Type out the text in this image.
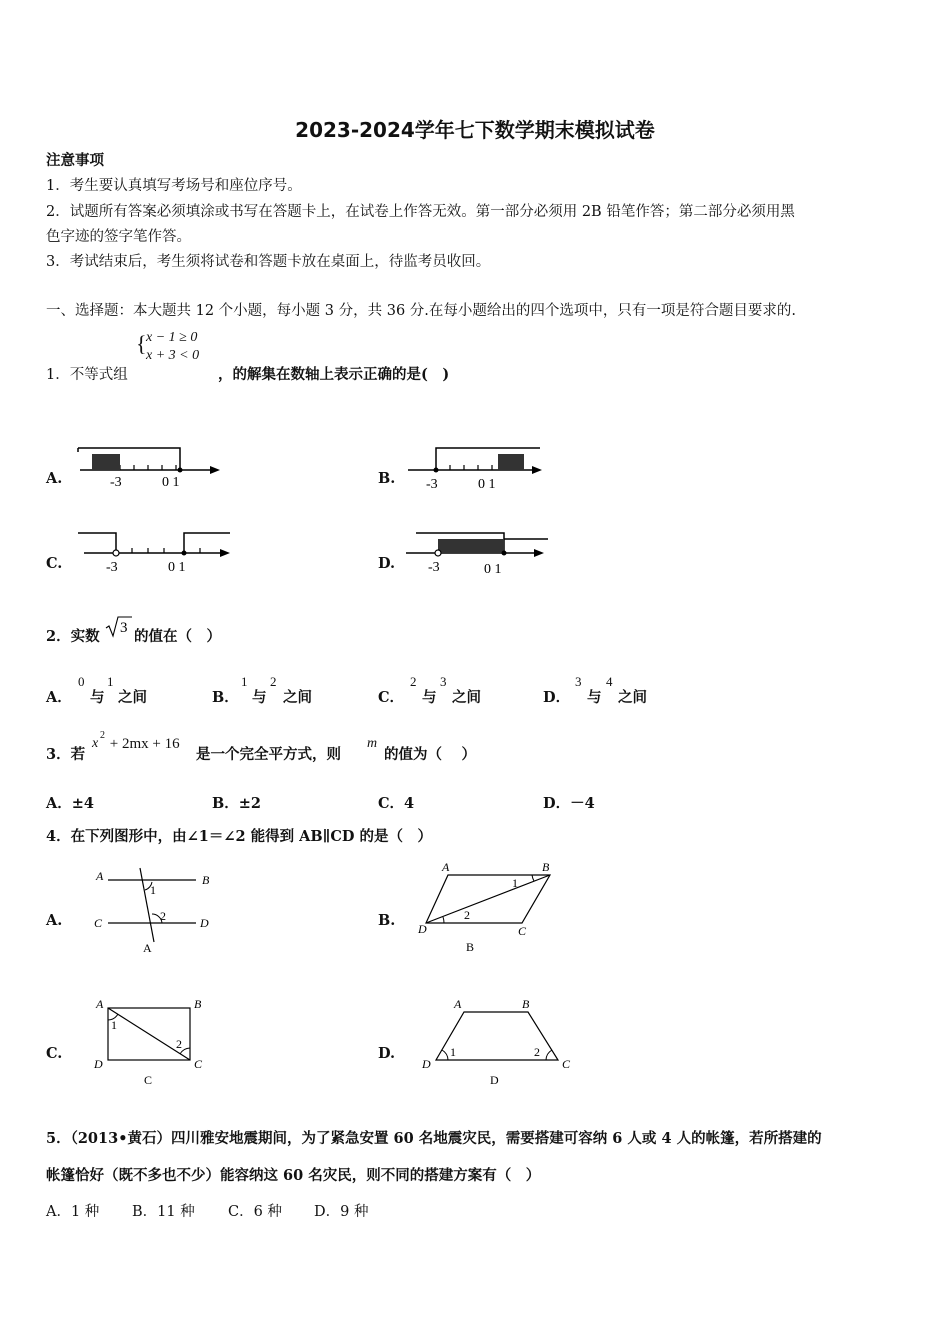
2023-2024学年七下数学期末模拟试卷
注意事项
1．考生要认真填写考场号和座位序号。
2．试题所有答案必须填涂或书写在答题卡上，在试卷上作答无效。第一部分必须用 2B 铅笔作答；第二部分必须用黑
色字迹的签字笔作答。
3．考试结束后，考生须将试卷和答题卡放在桌面上，待监考员收回。
一、选择题：本大题共 12 个小题，每小题 3 分，共 36 分.在每小题给出的四个选项中，只有一项是符合题目要求的.
1．不等式组
{ x − 1 ≥ 0
x + 3 < 0
，的解集在数轴上表示正确的是(　)
A.	B.
C.	D.
-3	0 1	-3	0 1
-3	0 1	-3	0 1
2．实数 3 的值在（　）
A．
0
与
1
之间	B．
1
与
2
之间	C．
2
与
3
之间	D．
3
与
4
之间
3．若
x
2
+ 2mx + 16
是一个完全平方式，则
m
的值为（　 ）
A．±4	B．±2	C．4	D．－4
4．在下列图形中，由∠1＝∠2 能得到 AB∥CD 的是（　）
A.	B.
C.	D.
A	B
C	D
1
2
A
A	B
C
D
1
2
B
A	B
C
D
1
2
C
A	B
C
D
1	2
D
5．（2013•黄石）四川雅安地震期间，为了紧急安置 60 名地震灾民，需要搭建可容纳 6 人或 4 人的帐篷，若所搭建的
帐篷恰好（既不多也不少）能容纳这 60 名灾民，则不同的搭建方案有（　）
A．1 种 B．11 种 C．6 种 D．9 种
